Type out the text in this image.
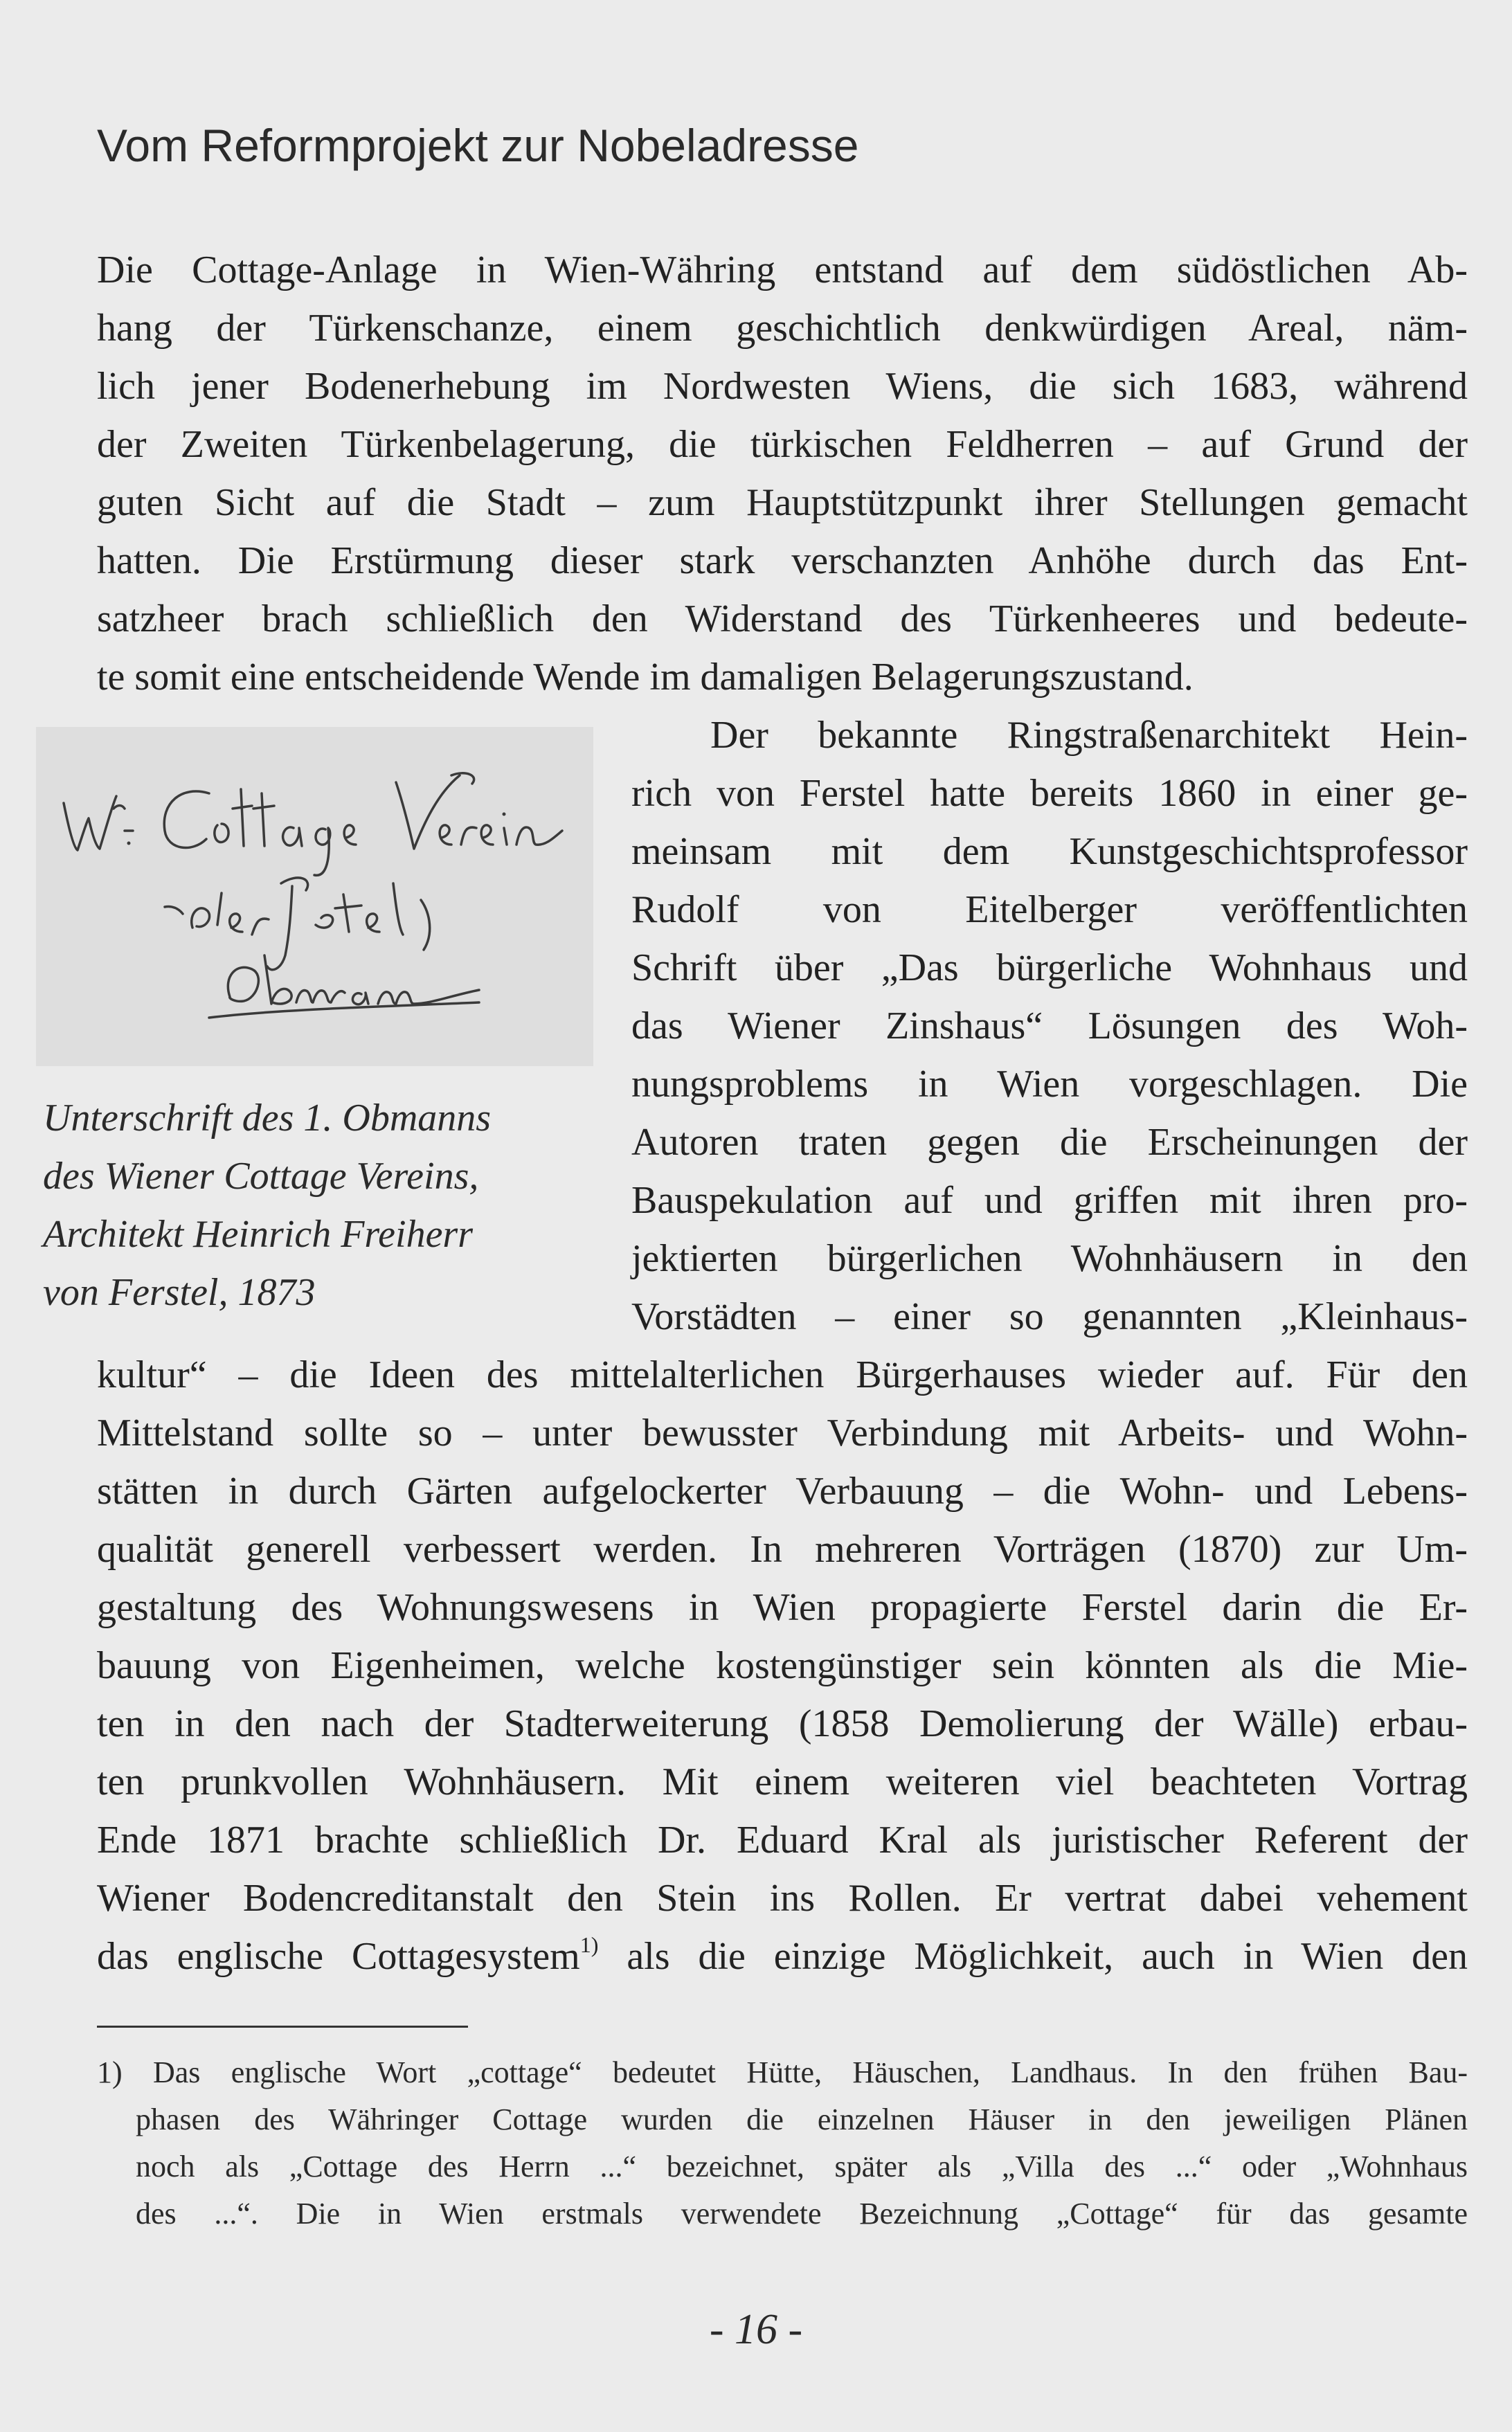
Vom Reformprojekt zur Nobeladresse
Die Cottage-Anlage in Wien-Währing entstand auf dem südöstlichen Ab-
hang der Türkenschanze, einem geschichtlich denkwürdigen Areal, näm-
lich jener Bodenerhebung im Nordwesten Wiens, die sich 1683, während
der Zweiten Türkenbelagerung, die türkischen Feldherren – auf Grund der
guten Sicht auf die Stadt – zum Hauptstützpunkt ihrer Stellungen gemacht
hatten. Die Erstürmung dieser stark verschanzten Anhöhe durch das Ent-
satzheer brach schließlich den Widerstand des Türkenheeres und bedeute-
te somit eine entscheidende Wende im damaligen Belagerungszustand.
Der bekannte Ringstraßenarchitekt Hein-
rich von Ferstel hatte bereits 1860 in einer ge-
meinsam mit dem Kunstgeschichtsprofessor
Rudolf von Eitelberger veröffentlichten
Schrift über „Das bürgerliche Wohnhaus und
das Wiener Zinshaus“ Lösungen des Woh-
nungsproblems in Wien vorgeschlagen. Die
Autoren traten gegen die Erscheinungen der
Bauspekulation auf und griffen mit ihren pro-
jektierten bürgerlichen Wohnhäusern in den
Vorstädten – einer so genannten „Kleinhaus-
kultur“ – die Ideen des mittelalterlichen Bürgerhauses wieder auf. Für den
Mittelstand sollte so – unter bewusster Verbindung mit Arbeits- und Wohn-
stätten in durch Gärten aufgelockerter Verbauung – die Wohn- und Lebens-
qualität generell verbessert werden. In mehreren Vorträgen (1870) zur Um-
gestaltung des Wohnungswesens in Wien propagierte Ferstel darin die Er-
bauung von Eigenheimen, welche kostengünstiger sein könnten als die Mie-
ten in den nach der Stadterweiterung (1858 Demolierung der Wälle) erbau-
ten prunkvollen Wohnhäusern. Mit einem weiteren viel beachteten Vortrag
Ende 1871 brachte schließlich Dr. Eduard Kral als juristischer Referent der
Wiener Bodencreditanstalt den Stein ins Rollen. Er vertrat dabei vehement
das englische Cottagesystem$^{1)}$ als die einzige Möglichkeit, auch in Wien den
Unterschrift des 1. Obmanns
des Wiener Cottage Vereins,
Architekt Heinrich Freiherr
von Ferstel, 1873
1) Das englische Wort „cottage“ bedeutet Hütte, Häuschen, Landhaus. In den frühen Bau-
phasen des Währinger Cottage wurden die einzelnen Häuser in den jeweiligen Plänen
noch als „Cottage des Herrn ...“ bezeichnet, später als „Villa des ...“ oder „Wohnhaus
des ...“. Die in Wien erstmals verwendete Bezeichnung „Cottage“ für das gesamte
- 16 -
